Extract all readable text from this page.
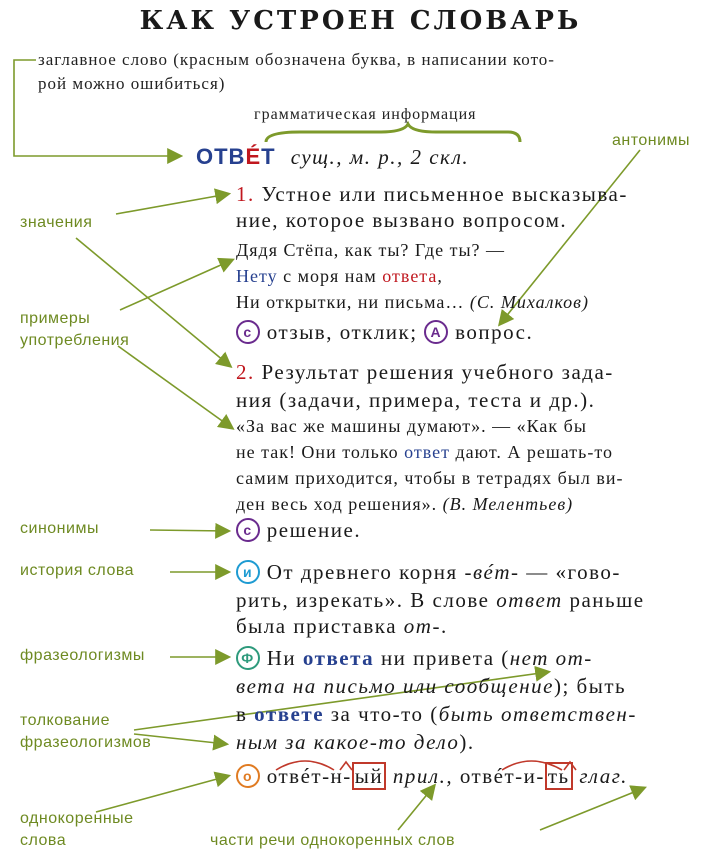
КАК УСТРОЕН СЛОВАРЬ
заглавное слово (красным обозначена буква, в написании кото-
рой можно ошибиться)
грамматическая информация
антонимы
значения
примеры
употребления
синонимы
история слова
фразеологизмы
толкование
фразеологизмов
однокоренные
слова	части речи однокоренных слов
ОТВÉТ сущ., м. р., 2 скл.
1. Устное или письменное высказыва-
ние, которое вызвано вопросом.
Дядя Стёпа, как ты? Где ты? —
Нету с моря нам ответа,
Ни открытки, ни письма… (С. Михалков)
с отзыв, отклик; А вопрос.
2. Результат решения учебного зада-
ния (задачи, примера, теста и др.).
«За вас же машины думают». — «Как бы
не так! Они только ответ дают. А решать-то
самим приходится, чтобы в тетрадях был ви-
ден весь ход решения». (В. Мелентьев)
с решение.
и От древнего корня -вéт- — «гово-
рить, изрекать». В слове ответ раньше
была приставка от-.
Ф Ни ответа ни привета (нет от-
вета на письмо или сообщение); быть
в ответе за что-то (быть ответствен-
ным за какое-то дело).
о отвéт-н- ый прил., отвéт-и- ть глаг.
